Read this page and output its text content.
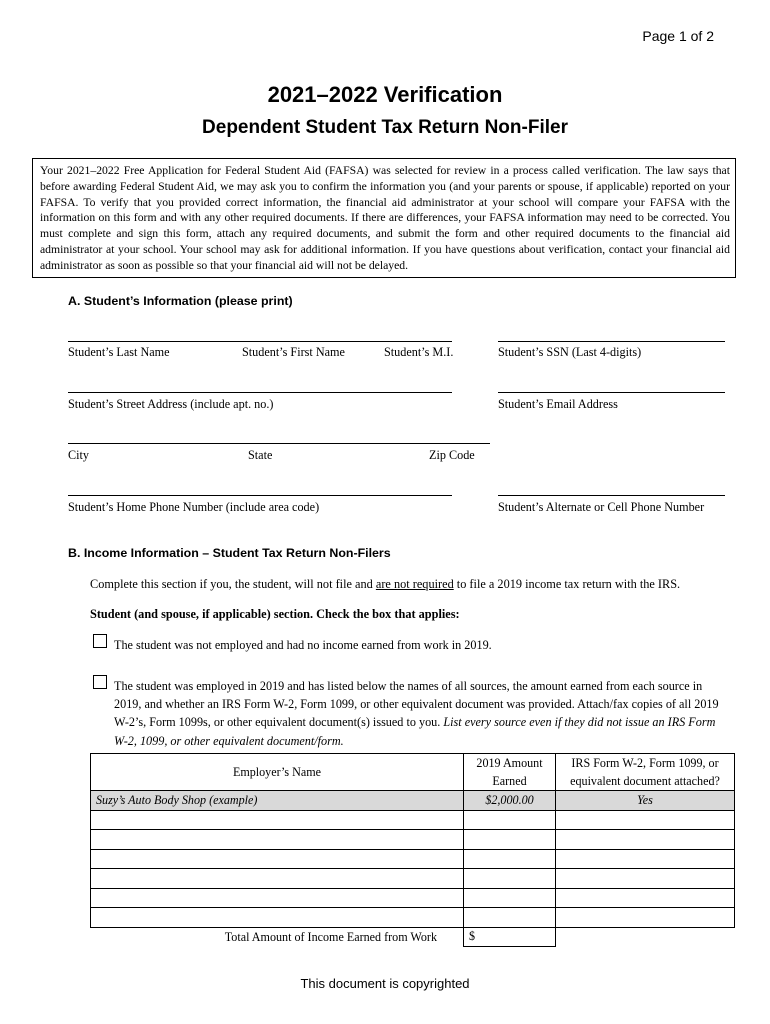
Page 1 of 2
2021–2022 Verification
Dependent Student Tax Return Non-Filer
Your 2021–2022 Free Application for Federal Student Aid (FAFSA) was selected for review in a process called verification. The law says that before awarding Federal Student Aid, we may ask you to confirm the information you (and your parents or spouse, if applicable) reported on your FAFSA. To verify that you provided correct information, the financial aid administrator at your school will compare your FAFSA with the information on this form and with any other required documents. If there are differences, your FAFSA information may need to be corrected. You must complete and sign this form, attach any required documents, and submit the form and other required documents to the financial aid administrator at your school. Your school may ask for additional information. If you have questions about verification, contact your financial aid administrator as soon as possible so that your financial aid will not be delayed.
A. Student’s Information (please print)
Student’s Last Name	Student’s First Name	Student’s M.I.	Student’s SSN (Last 4-digits)
Student’s Street Address (include apt. no.)	Student’s Email Address
City	State	Zip Code
Student’s Home Phone Number (include area code)	Student’s Alternate or Cell Phone Number
B. Income Information – Student Tax Return Non-Filers
Complete this section if you, the student, will not file and are not required to file a 2019 income tax return with the IRS.
Student (and spouse, if applicable) section. Check the box that applies:
The student was not employed and had no income earned from work in 2019.
The student was employed in 2019 and has listed below the names of all sources, the amount earned from each source in 2019, and whether an IRS Form W-2, Form 1099, or other equivalent document was provided. Attach/fax copies of all 2019 W-2’s, Form 1099s, or other equivalent document(s) issued to you. List every source even if they did not issue an IRS Form W-2, 1099, or other equivalent document/form.
Employer’s Name	2019 Amount Earned	IRS Form W-2, Form 1099, or equivalent document attached?
Suzy’s Auto Body Shop (example)	$2,000.00	Yes

Total Amount of Income Earned from Work	$	
This document is copyrighted
